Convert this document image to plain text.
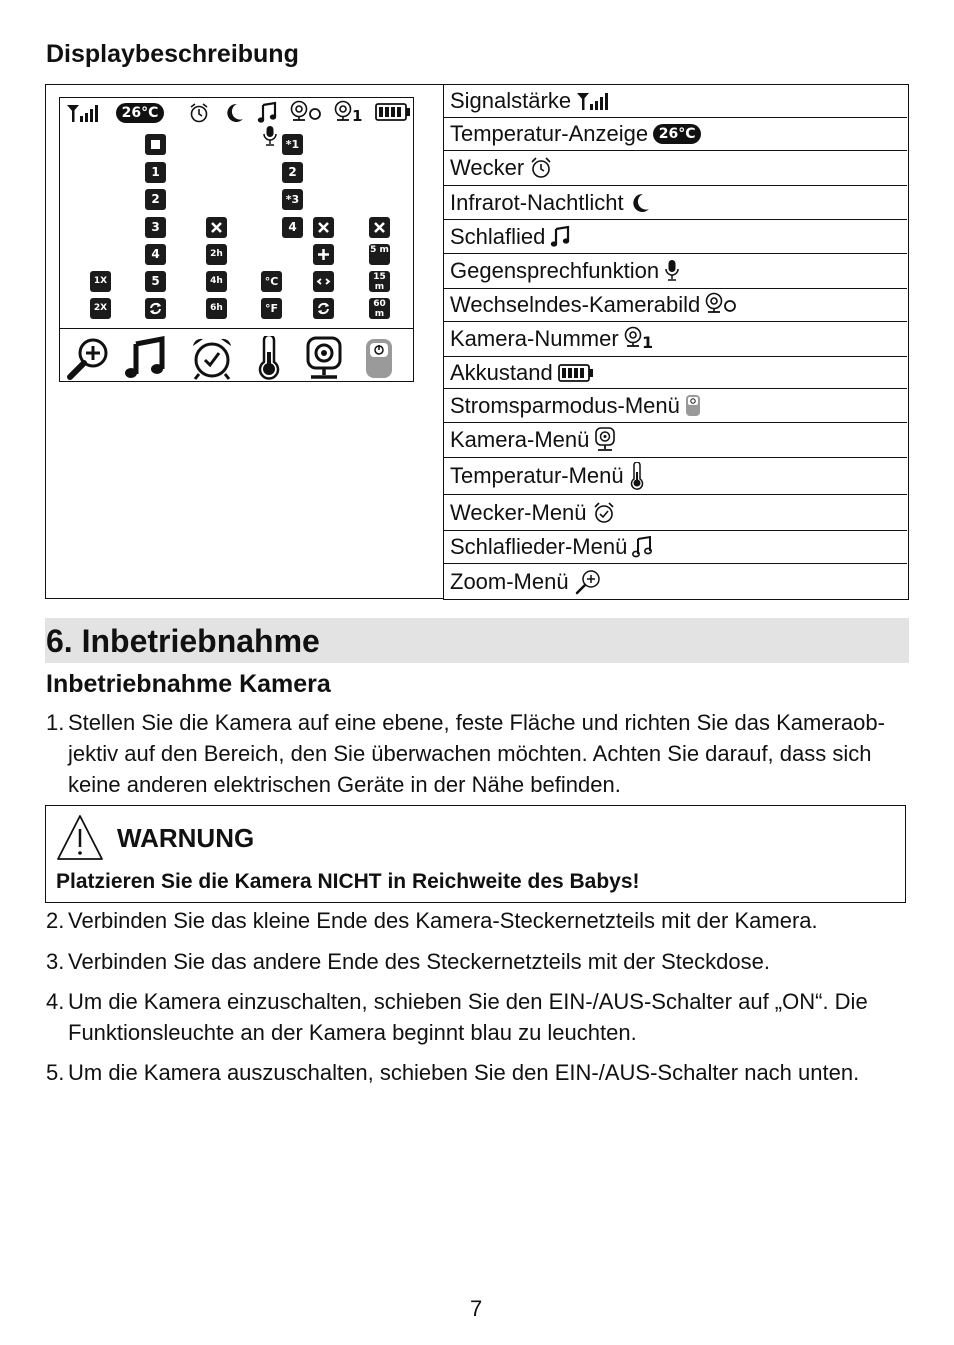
Displaybeschreibung
26°C	1
1X
2X
1
2
3
4
5
2h
4h
6h
°C
°F
*1
2
*3
4
5 m
15 m
60 m
Signalstärke
Temperatur-Anzeige 26°C
Wecker
Infrarot-Nachtlicht
Schlaflied
Gegensprechfunktion
Wechselndes-Kamerabild
Kamera-Nummer 1
Akkustand
Stromsparmodus-Menü
Kamera-Menü
Temperatur-Menü
Wecker-Menü
Schlaflieder-Menü
Zoom-Menü
6. Inbetriebnahme
Inbetriebnahme Kamera
1. Stellen Sie die Kamera auf eine ebene, feste Fläche und richten Sie das Kameraob- jektiv auf den Bereich, den Sie überwachen möchten. Achten Sie darauf, dass sich keine anderen elektrischen Geräte in der Nähe befinden.
WARNUNG
Platzieren Sie die Kamera NICHT in Reichweite des Babys!
2. Verbinden Sie das kleine Ende des Kamera-Steckernetzteils mit der Kamera.
3. Verbinden Sie das andere Ende des Steckernetzteils mit der Steckdose.
4. Um die Kamera einzuschalten, schieben Sie den EIN-/AUS-Schalter auf „ON“. Die Funktionsleuchte an der Kamera beginnt blau zu leuchten.
5. Um die Kamera auszuschalten, schieben Sie den EIN-/AUS-Schalter nach unten.
7
